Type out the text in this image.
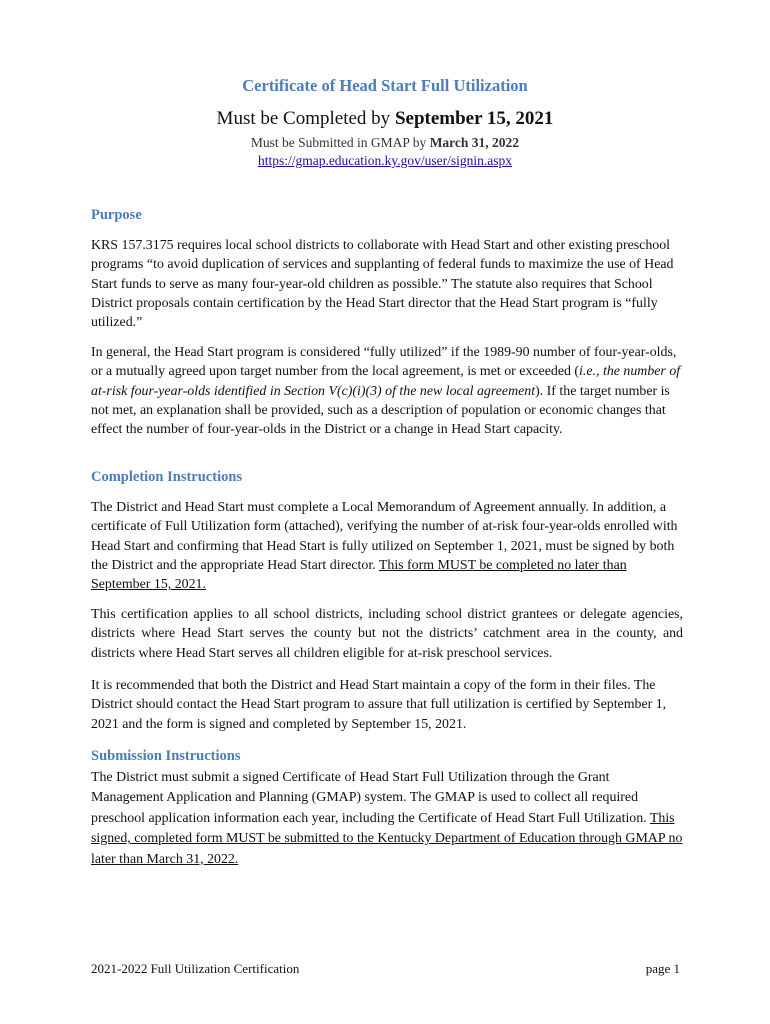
Certificate of Head Start Full Utilization
Must be Completed by September 15, 2021
Must be Submitted in GMAP by March 31, 2022
https://gmap.education.ky.gov/user/signin.aspx
Purpose
KRS 157.3175 requires local school districts to collaborate with Head Start and other existing preschool programs “to avoid duplication of services and supplanting of federal funds to maximize the use of Head Start funds to serve as many four-year-old children as possible.” The statute also requires that School District proposals contain certification by the Head Start director that the Head Start program is “fully utilized.”
In general, the Head Start program is considered “fully utilized” if the 1989-90 number of four-year-olds, or a mutually agreed upon target number from the local agreement, is met or exceeded (i.e., the number of at-risk four-year-olds identified in Section V(c)(i)(3) of the new local agreement). If the target number is not met, an explanation shall be provided, such as a description of population or economic changes that effect the number of four-year-olds in the District or a change in Head Start capacity.
Completion Instructions
The District and Head Start must complete a Local Memorandum of Agreement annually. In addition, a certificate of Full Utilization form (attached), verifying the number of at-risk four-year-olds enrolled with Head Start and confirming that Head Start is fully utilized on September 1, 2021, must be signed by both the District and the appropriate Head Start director. This form MUST be completed no later than September 15, 2021.
This certification applies to all school districts, including school district grantees or delegate agencies, districts where Head Start serves the county but not the districts’ catchment area in the county, and districts where Head Start serves all children eligible for at-risk preschool services.
It is recommended that both the District and Head Start maintain a copy of the form in their files. The District should contact the Head Start program to assure that full utilization is certified by September 1, 2021 and the form is signed and completed by September 15, 2021.
Submission Instructions
The District must submit a signed Certificate of Head Start Full Utilization through the Grant Management Application and Planning (GMAP) system. The GMAP is used to collect all required preschool application information each year, including the Certificate of Head Start Full Utilization. This signed, completed form MUST be submitted to the Kentucky Department of Education through GMAP no later than March 31, 2022.
2021-2022 Full Utilization Certification	page 1
